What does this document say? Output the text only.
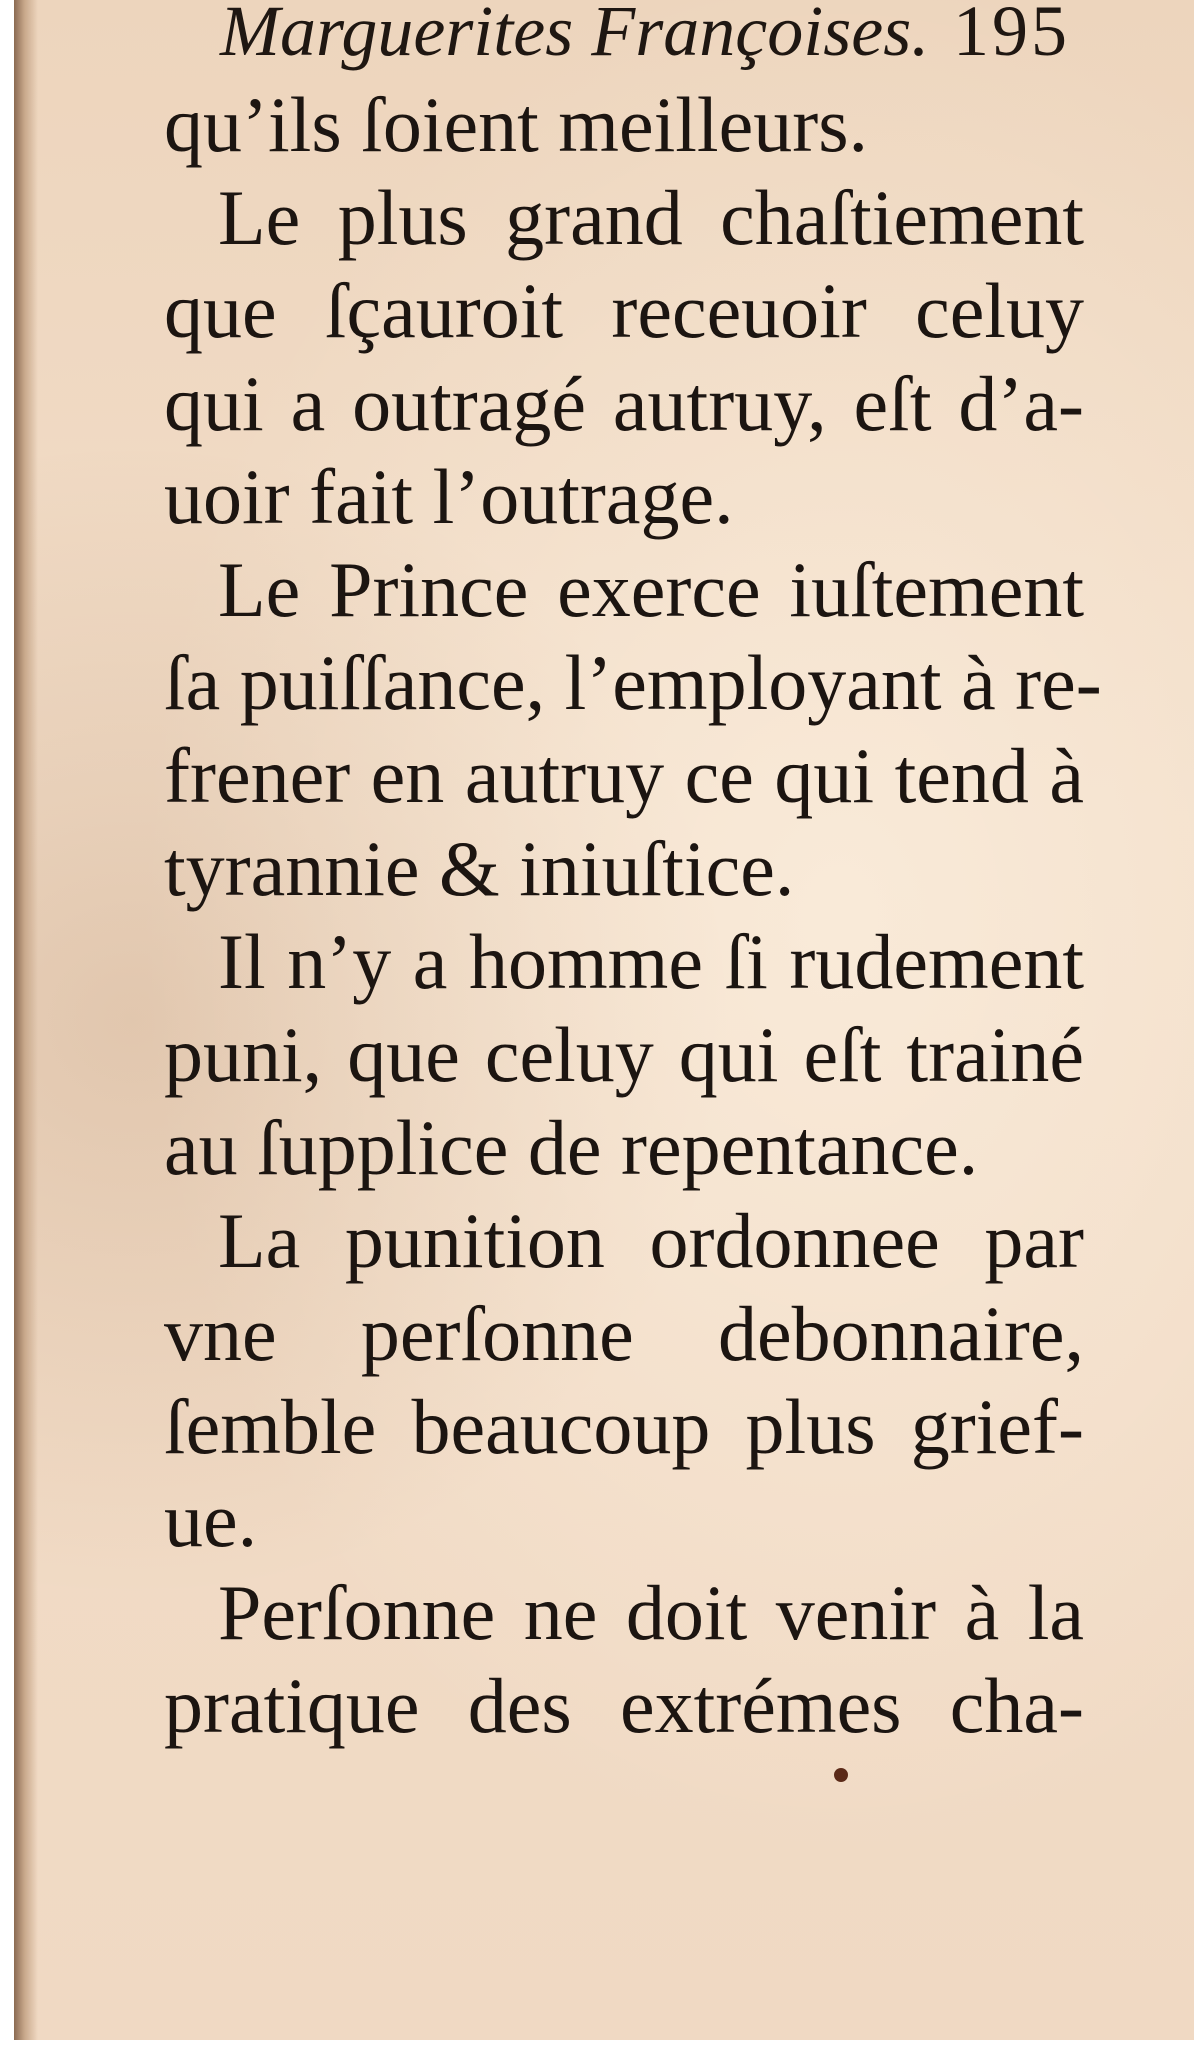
Marguerites Françoises. 195
qu’ils ſoient meilleurs.
Le plus grand chaſtiement
que ſçauroit receuoir celuy
qui a outragé autruy, eſt d’a-
uoir fait l’outrage.
Le Prince exerce iuſtement
ſa puiſſance, l’employant à re-
frener en autruy ce qui tend à
tyrannie & iniuſtice.
Il n’y a homme ſi rudement
puni, que celuy qui eſt trainé
au ſupplice de repentance.
La punition ordonnee par
vne perſonne debonnaire,
ſemble beaucoup plus grief-
ue.
Perſonne ne doit venir à la
pratique des extrémes cha-
